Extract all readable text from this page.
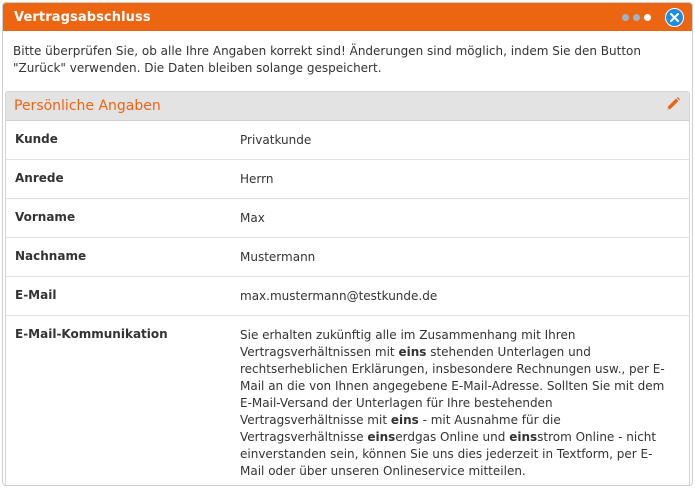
Vertragsabschluss
Bitte überprüfen Sie, ob alle Ihre Angaben korrekt sind! Änderungen sind möglich, indem Sie den Button "Zurück" verwenden. Die Daten bleiben solange gespeichert.
Persönliche Angaben
Kunde	Privatkunde
Anrede	Herrn
Vorname	Max
Nachname	Mustermann
E-Mail	max.mustermann@testkunde.de
E-Mail-Kommunikation	Sie erhalten zukünftig alle im Zusammenhang mit Ihren Vertragsverhältnissen mit eins stehenden Unterlagen und rechtserheblichen Erklärungen, insbesondere Rechnungen usw., per E-Mail an die von Ihnen angegebene E-Mail-Adresse. Sollten Sie mit dem E-Mail-Versand der Unterlagen für Ihre bestehenden Vertragsverhältnisse mit eins - mit Ausnahme für die Vertragsverhältnisse einserdgas Online und einsstrom Online - nicht einverstanden sein, können Sie uns dies jederzeit in Textform, per E-Mail oder über unseren Onlineservice mitteilen.
